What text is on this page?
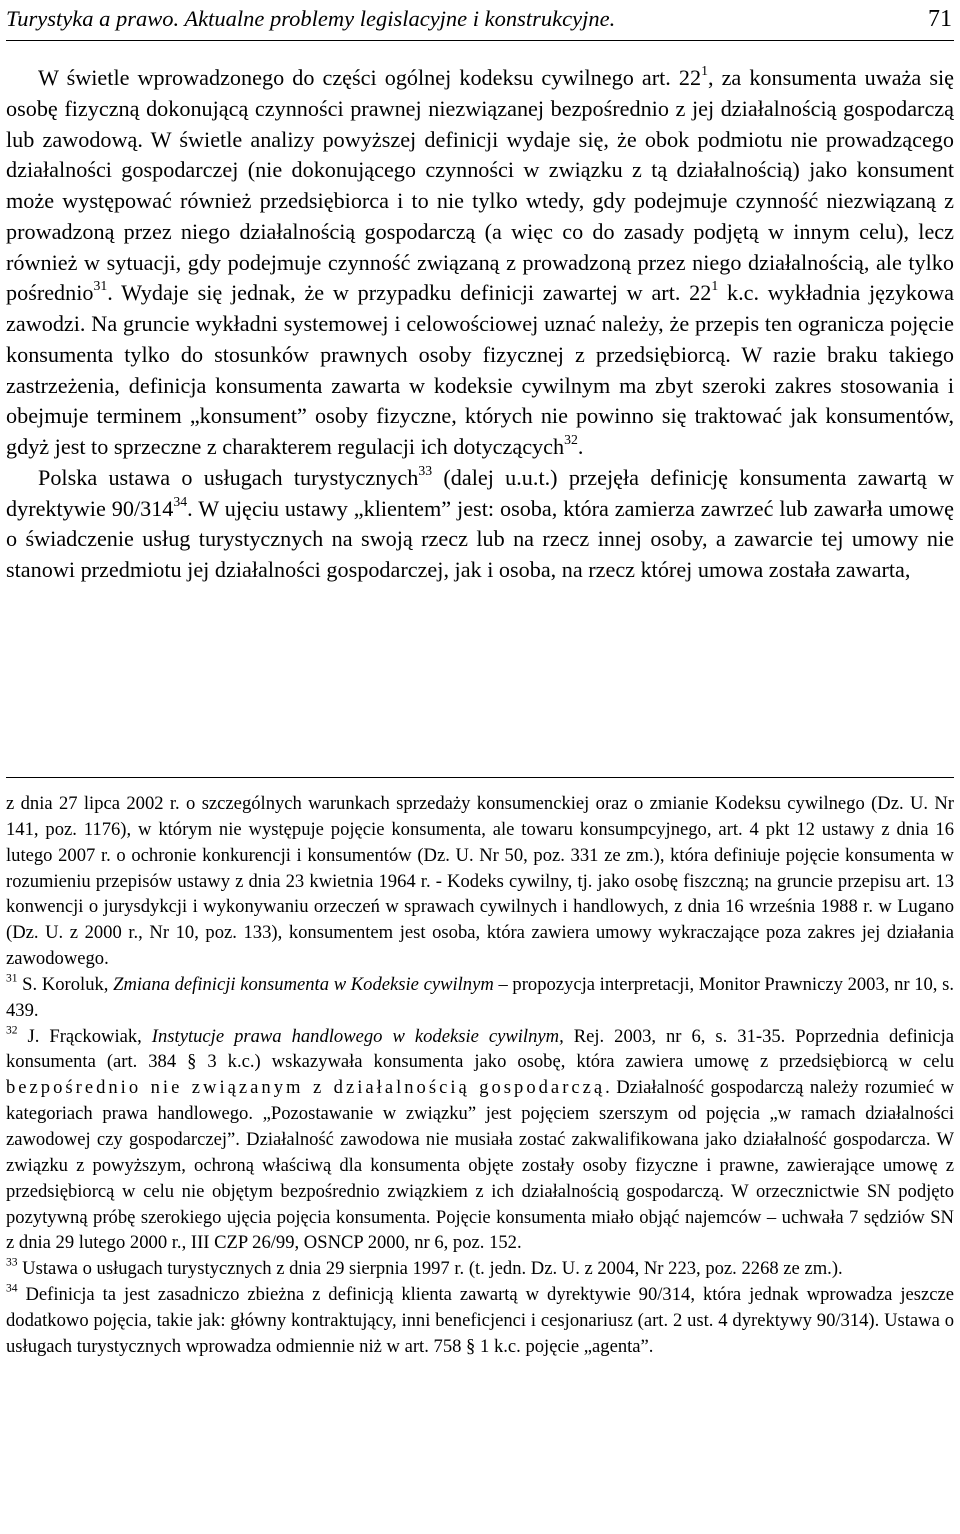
Turystyka a prawo. Aktualne problemy legislacyjne i konstrukcyjne.	71

W świetle wprowadzonego do części ogólnej kodeksu cywilnego art. $22^1$, za konsumenta uważa się osobę fizyczną dokonującą czynności prawnej niezwiązanej bezpośrednio z jej działalnością gospodarczą lub zawodową. W świetle analizy powyższej definicji wydaje się, że obok podmiotu nie prowadzącego działalności gospodarczej (nie dokonującego czynności w związku z tą działalnością) jako konsument może występować również przedsiębiorca i to nie tylko wtedy, gdy podejmuje czynność niezwiązaną z prowadzoną przez niego działalnością gospodarczą (a więc co do zasady podjętą w innym celu), lecz również w sytuacji, gdy podejmuje czynność związaną z prowadzoną przez niego działalnością, ale tylko pośrednio$^{31}$. Wydaje się jednak, że w przypadku definicji zawartej w art. $22^1$ k.c. wykładnia językowa zawodzi. Na gruncie wykładni systemowej i celowościowej uznać należy, że przepis ten ogranicza pojęcie konsumenta tylko do stosunków prawnych osoby fizycznej z przedsiębiorcą. W razie braku takiego zastrzeżenia, definicja konsumenta zawarta w kodeksie cywilnym ma zbyt szeroki zakres stosowania i obejmuje terminem „konsument” osoby fizyczne, których nie powinno się traktować jak konsumentów, gdyż jest to sprzeczne z charakterem regulacji ich dotyczących$^{32}$.

Polska ustawa o usługach turystycznych$^{33}$ (dalej u.u.t.) przejęła definicję konsumenta zawartą w dyrektywie $90/314^{34}$. W ujęciu ustawy „klientem” jest: osoba, która zamierza zawrzeć lub zawarła umowę o świadczenie usług turystycznych na swoją rzecz lub na rzecz innej osoby, a zawarcie tej umowy nie stanowi przedmiotu jej działalności gospodarczej, jak i osoba, na rzecz której umowa została zawarta,

z dnia 27 lipca 2002 r. o szczególnych warunkach sprzedaży konsumenckiej oraz o zmianie Kodeksu cywilnego (Dz. U. Nr 141, poz. 1176), w którym nie występuje pojęcie konsumenta, ale towaru konsumpcyjnego, art. 4 pkt 12 ustawy z dnia 16 lutego 2007 r. o ochronie konkurencji i konsumentów (Dz. U. Nr 50, poz. 331 ze zm.), która definiuje pojęcie konsumenta w rozumieniu przepisów ustawy z dnia 23 kwietnia 1964 r. - Kodeks cywilny, tj. jako osobę fiszczną; na gruncie przepisu art. 13 konwencji o jurysdykcji i wykonywaniu orzeczeń w sprawach cywilnych i handlowych, z dnia 16 września 1988 r. w Lugano (Dz. U. z 2000 r., Nr 10, poz. 133), konsumentem jest osoba, która zawiera umowy wykraczające poza zakres jej działania zawodowego.

$^{31}$ S. Koroluk, Zmiana definicji konsumenta w Kodeksie cywilnym – propozycja interpretacji, Monitor Prawniczy 2003, nr 10, s. 439.

$^{32}$ J. Frąckowiak, Instytucje prawa handlowego w kodeksie cywilnym, Rej. 2003, nr 6, s. 31-35. Poprzednia definicja konsumenta (art. 384 § 3 k.c.) wskazywała konsumenta jako osobę, która zawiera umowę z przedsiębiorcą w celu bezpośrednio nie związanym z działalnością gospodarczą. Działalność gospodarczą należy rozumieć w kategoriach prawa handlowego. „Pozostawanie w związku” jest pojęciem szerszym od pojęcia „w ramach działalności zawodowej czy gospodarczej”. Działalność zawodowa nie musiała zostać zakwalifikowana jako działalność gospodarcza. W związku z powyższym, ochroną właściwą dla konsumenta objęte zostały osoby fizyczne i prawne, zawierające umowę z przedsiębiorcą w celu nie objętym bezpośrednio związkiem z ich działalnością gospodarczą. W orzecznictwie SN podjęto pozytywną próbę szerokiego ujęcia pojęcia konsumenta. Pojęcie konsumenta miało objąć najemców – uchwała 7 sędziów SN z dnia 29 lutego 2000 r., III CZP 26/99, OSNCP 2000, nr 6, poz. 152.

$^{33}$ Ustawa o usługach turystycznych z dnia 29 sierpnia 1997 r. (t. jedn. Dz. U. z 2004, Nr 223, poz. 2268 ze zm.).

$^{34}$ Definicja ta jest zasadniczo zbieżna z definicją klienta zawartą w dyrektywie 90/314, która jednak wprowadza jeszcze dodatkowo pojęcia, takie jak: główny kontraktujący, inni beneficjenci i cesjonariusz (art. 2 ust. 4 dyrektywy 90/314). Ustawa o usługach turystycznych wprowadza odmiennie niż w art. 758 § 1 k.c. pojęcie „agenta”.
